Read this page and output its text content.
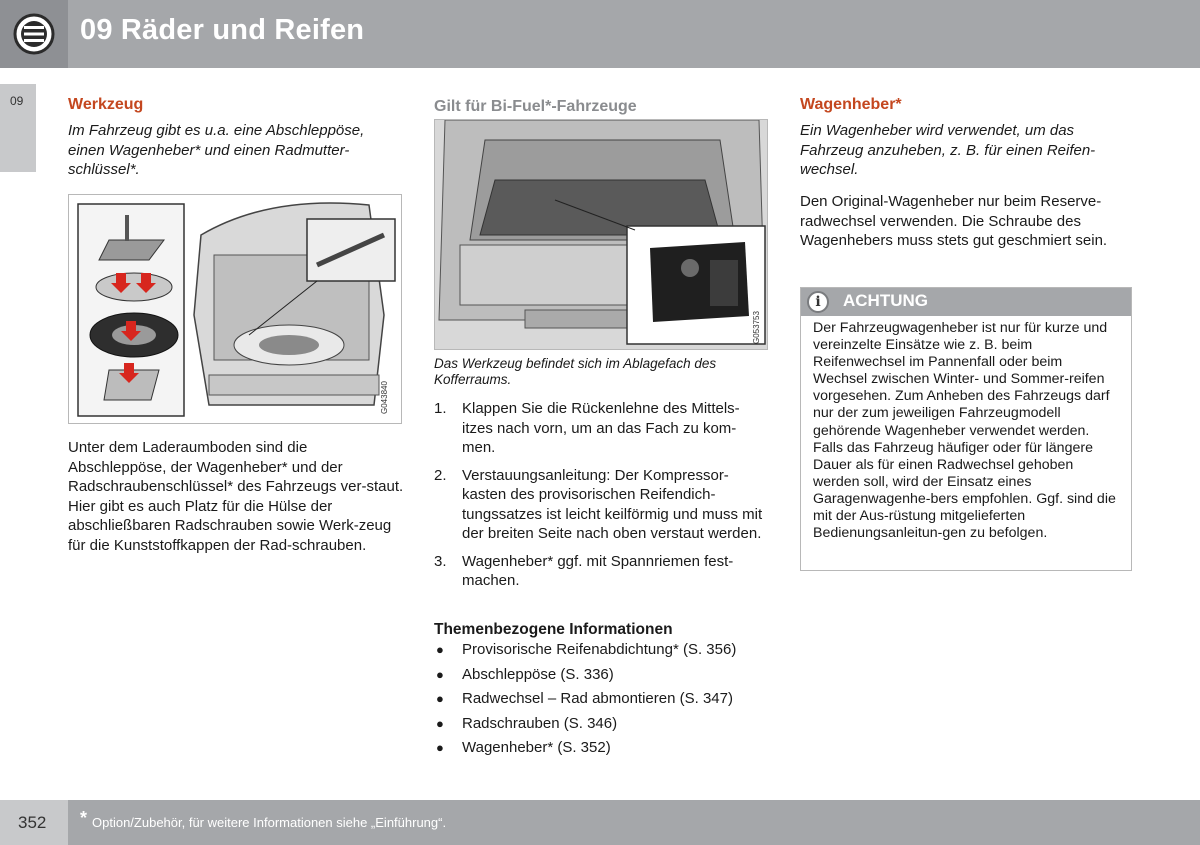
09 Räder und Reifen
09	Werkzeug
Im Fahrzeug gibt es u.a. eine Abschleppöse, einen Wagenheber* und einen Radmutter-schlüssel*.
G043840
Unter dem Laderaumboden sind die Abschleppöse, der Wagenheber* und der Radschraubenschlüssel* des Fahrzeugs ver-staut. Hier gibt es auch Platz für die Hülse der abschließbaren Radschrauben sowie Werk-zeug für die Kunststoffkappen der Rad-schrauben.
Gilt für Bi-Fuel*-Fahrzeuge
G053753
Das Werkzeug befindet sich im Ablagefach des Kofferraums.
1. Klappen Sie die Rückenlehne des Mittels-itzes nach vorn, um an das Fach zu kom-men.
2. Verstauungsanleitung: Der Kompressor-kasten des provisorischen Reifendich-tungssatzes ist leicht keilförmig und muss mit der breiten Seite nach oben verstaut werden.
3. Wagenheber* ggf. mit Spannriemen fest-machen.
Themenbezogene Informationen
● Provisorische Reifenabdichtung* (S. 356)
● Abschleppöse (S. 336)
● Radwechsel – Rad abmontieren (S. 347)
● Radschrauben (S. 346)
● Wagenheber* (S. 352)
Wagenheber*
Ein Wagenheber wird verwendet, um das Fahrzeug anzuheben, z. B. für einen Reifen-wechsel.
Den Original-Wagenheber nur beim Reserve-radwechsel verwenden. Die Schraube des Wagenhebers muss stets gut geschmiert sein.
i	ACHTUNG
Der Fahrzeugwagenheber ist nur für kurze und vereinzelte Einsätze wie z. B. beim Reifenwechsel im Pannenfall oder beim Wechsel zwischen Winter- und Sommer-reifen vorgesehen. Zum Anheben des Fahrzeugs darf nur der zum jeweiligen Fahrzeugmodell gehörende Wagenheber verwendet werden. Falls das Fahrzeug häufiger oder für längere Dauer als für einen Radwechsel gehoben werden soll, wird der Einsatz eines Garagenwagenhe-bers empfohlen. Ggf. sind die mit der Aus-rüstung mitgelieferten Bedienungsanleitun-gen zu befolgen.
352 * Option/Zubehör, für weitere Informationen siehe „Einführung“.
